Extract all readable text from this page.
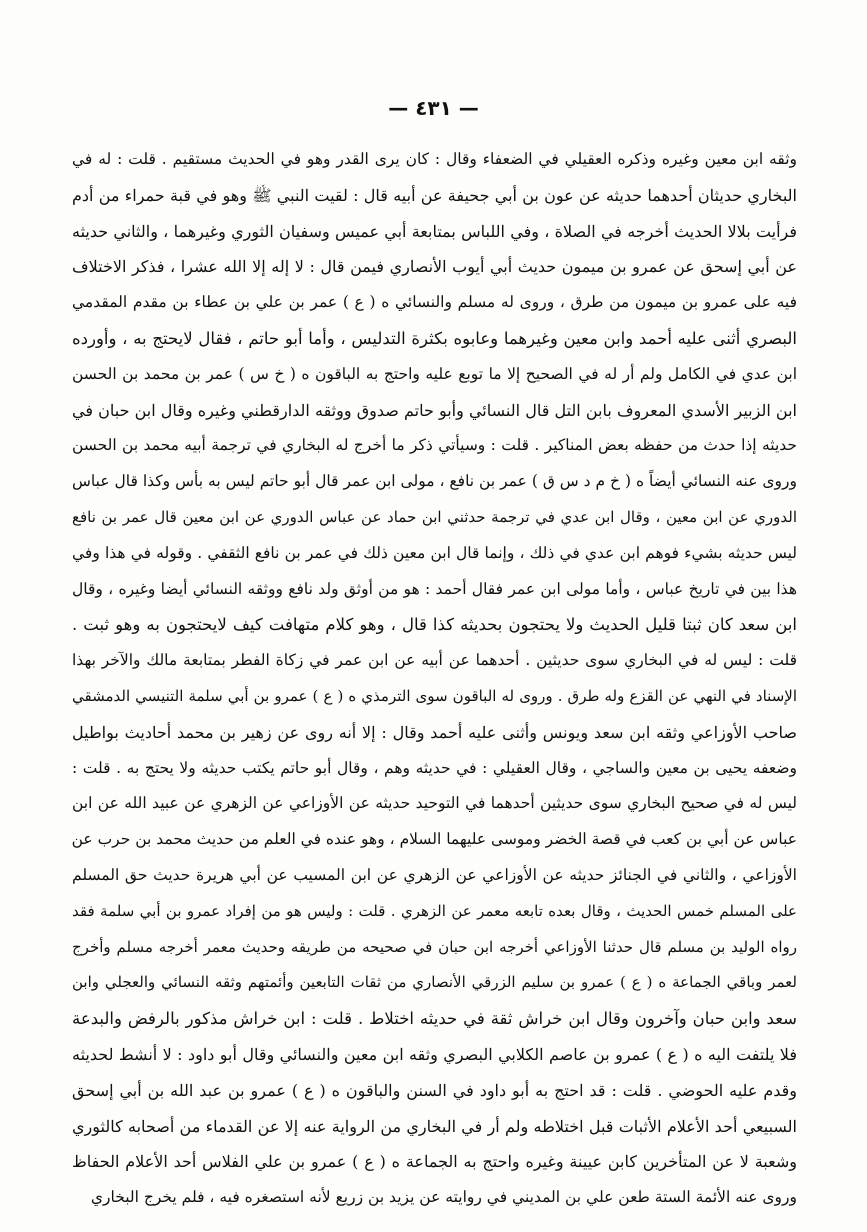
— ٤٣١ —
وثقه ابن معين وغيره وذكره العقيلي في الضعفاء وقال : كان يرى القدر وهو في الحديث مستقيم . قلت : له في
البخاري حديثان أحدهما حديثه عن عون بن أبي جحيفة عن أبيه قال : لقيت النبي ﷺ وهو في قبة حمراء من أدم
فرأيت بلالا الحديث أخرجه في الصلاة ، وفي اللباس بمتابعة أبي عميس وسفيان الثوري وغيرهما ، والثاني حديثه
عن أبي إسحق عن عمرو بن ميمون حديث أبي أيوب الأنصاري فيمن قال : لا إله إلا الله عشرا ، فذكر الاختلاف
فيه على عمرو بن ميمون من طرق ، وروى له مسلم والنسائي ه ( ع ) عمر بن علي بن عطاء بن مقدم المقدمي
البصري أثنى عليه أحمد وابن معين وغيرهما وعابوه بكثرة التدليس ، وأما أبو حاتم ، فقال لايحتج به ، وأورده
ابن عدي في الكامل ولم أر له في الصحيح إلا ما توبع عليه واحتج به الباقون ه ( خ س ) عمر بن محمد بن الحسن
ابن الزبير الأسدي المعروف بابن التل قال النسائي وأبو حاتم صدوق ووثقه الدارقطني وغيره وقال ابن حبان في
حديثه إذا حدث من حفظه بعض المناكير . قلت : وسيأتي ذكر ما أخرج له البخاري في ترجمة أبيه محمد بن الحسن
وروى عنه النسائي أيضاً ه ( خ م د س ق ) عمر بن نافع ، مولى ابن عمر قال أبو حاتم ليس به بأس وكذا قال عباس
الدوري عن ابن معين ، وقال ابن عدي في ترجمة حدثني ابن حماد عن عباس الدوري عن ابن معين قال عمر بن نافع
ليس حديثه بشيء فوهم ابن عدي في ذلك ، وإنما قال ابن معين ذلك في عمر بن نافع الثقفي . وقوله في هذا وفي
هذا بين في تاريخ عباس ، وأما مولى ابن عمر فقال أحمد : هو من أوثق ولد نافع ووثقه النسائي أيضا وغيره ، وقال
ابن سعد كان ثبتا قليل الحديث ولا يحتجون بحديثه كذا قال ، وهو كلام متهافت كيف لايحتجون به وهو ثبت .
قلت : ليس له في البخاري سوى حديثين . أحدهما عن أبيه عن ابن عمر في زكاة الفطر بمتابعة مالك والآخر بهذا
الإسناد في النهي عن القزع وله طرق . وروى له الباقون سوى الترمذي ه ( ع ) عمرو بن أبي سلمة التنيسي الدمشقي
صاحب الأوزاعي وثقه ابن سعد ويونس وأثنى عليه أحمد وقال : إلا أنه روى عن زهير بن محمد أحاديث بواطيل
وضعفه يحيى بن معين والساجي ، وقال العقيلي : في حديثه وهم ، وقال أبو حاتم يكتب حديثه ولا يحتج به . قلت :
ليس له في صحيح البخاري سوى حديثين أحدهما في التوحيد حديثه عن الأوزاعي عن الزهري عن عبيد الله عن ابن
عباس عن أبي بن كعب في قصة الخضر وموسى عليهما السلام ، وهو عنده في العلم من حديث محمد بن حرب عن
الأوزاعي ، والثاني في الجنائز حديثه عن الأوزاعي عن الزهري عن ابن المسيب عن أبي هريرة حديث حق المسلم
على المسلم خمس الحديث ، وقال بعده تابعه معمر عن الزهري . قلت : وليس هو من إفراد عمرو بن أبي سلمة فقد
رواه الوليد بن مسلم قال حدثنا الأوزاعي أخرجه ابن حبان في صحيحه من طريقه وحديث معمر أخرجه مسلم وأخرج
لعمر وباقي الجماعة ه ( ع ) عمرو بن سليم الزرقي الأنصاري من ثقات التابعين وأئمتهم وثقه النسائي والعجلي وابن
سعد وابن حبان وآخرون وقال ابن خراش ثقة في حديثه اختلاط . قلت : ابن خراش مذكور بالرفض والبدعة
فلا يلتفت اليه ه ( ع ) عمرو بن عاصم الكلابي البصري وثقه ابن معين والنسائي وقال أبو داود : لا أنشط لحديثه
وقدم عليه الحوضي . قلت : قد احتج به أبو داود في السنن والباقون ه ( ع ) عمرو بن عبد الله بن أبي إسحق
السبيعي أحد الأعلام الأثبات قبل اختلاطه ولم أر في البخاري من الرواية عنه إلا عن القدماء من أصحابه كالثوري
وشعبة لا عن المتأخرين كابن عيينة وغيره واحتج به الجماعة ه ( ع ) عمرو بن علي الفلاس أحد الأعلام الحفاظ
وروى عنه الأئمة الستة طعن علي بن المديني في روايته عن يزيد بن زريع لأنه استصغره فيه ، فلم يخرج البخاري
